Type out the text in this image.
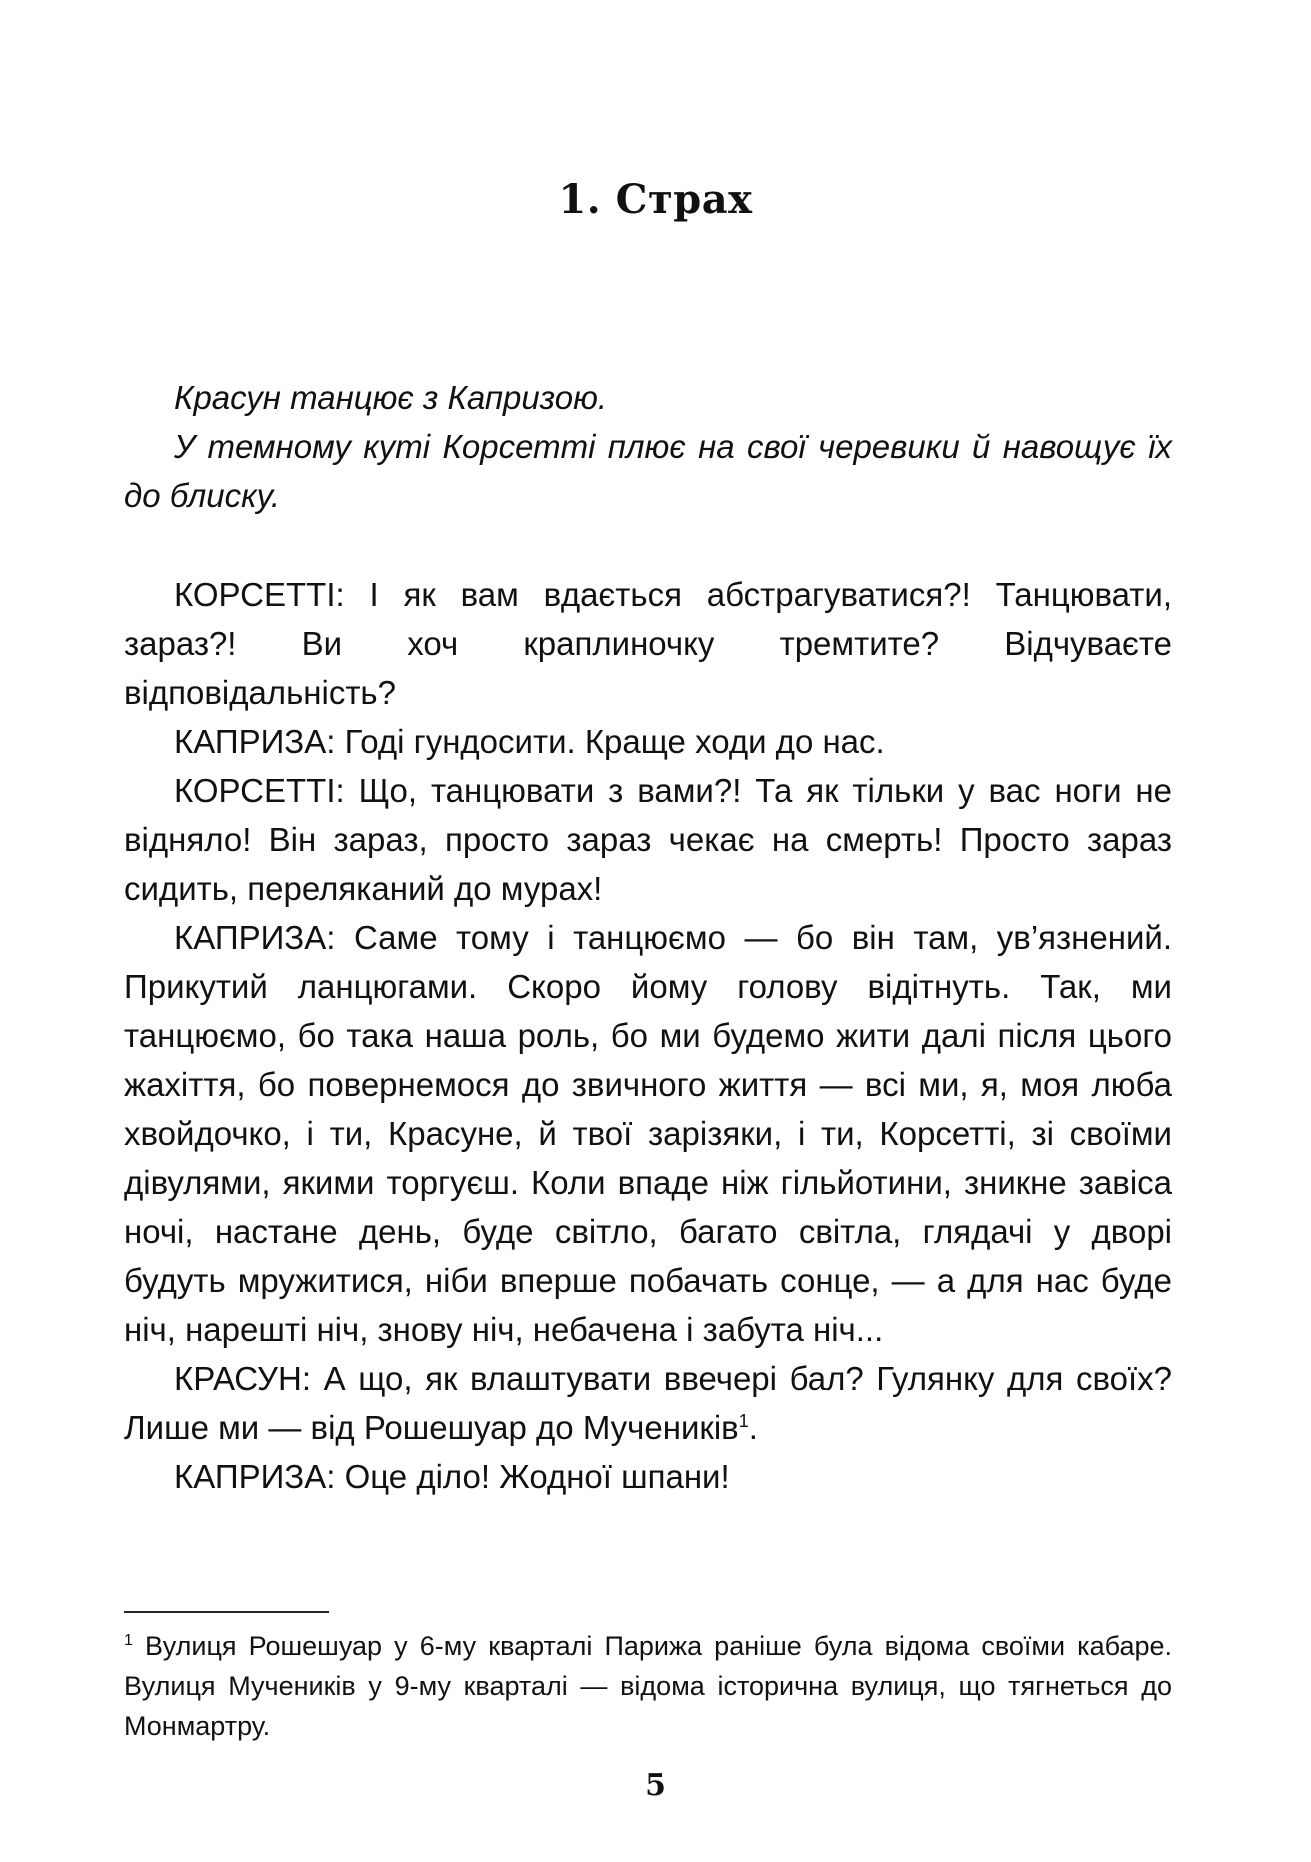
1. Страх

Красун танцює з Капризою.

У темному куті Корсетті плює на свої черевики й навощує їх до блиску.

КОРСЕТТІ: І як вам вдається абстрагуватися?! Танцювати, зараз?! Ви хоч краплиночку тремтите? Відчуваєте відповідальність?

КАПРИЗА: Годі гундосити. Краще ходи до нас.

КОРСЕТТІ: Що, танцювати з вами?! Та як тільки у вас ноги не відняло! Він зараз, просто зараз чекає на смерть! Просто зараз сидить, переляканий до мурах!

КАПРИЗА: Саме тому і танцюємо — бо він там, ув’язнений. Прикутий ланцюгами. Скоро йому голову відітнуть. Так, ми танцюємо, бо така наша роль, бо ми будемо жити далі після цього жахіття, бо повернемося до звичного життя — всі ми, я, моя люба хвойдочко, і ти, Красуне, й твої зарізяки, і ти, Корсетті, зі своїми дівулями, якими торгуєш. Коли впаде ніж гільйотини, зникне завіса ночі, настане день, буде світло, багато світла, глядачі у дворі будуть мружитися, ніби вперше побачать сонце, — а для нас буде ніч, нарешті ніч, знову ніч, небачена і забута ніч...

КРАСУН: А що, як влаштувати ввечері бал? Гулянку для своїх? Лише ми — від Рошешуар до Мучеників$^1$.

КАПРИЗА: Оце діло! Жодної шпани!

$^1$ Вулиця Рошешуар у 6-му кварталі Парижа раніше була відома своїми кабаре. Вулиця Мучеників у 9-му кварталі — відома історична вулиця, що тягнеться до Монмартру.
5
